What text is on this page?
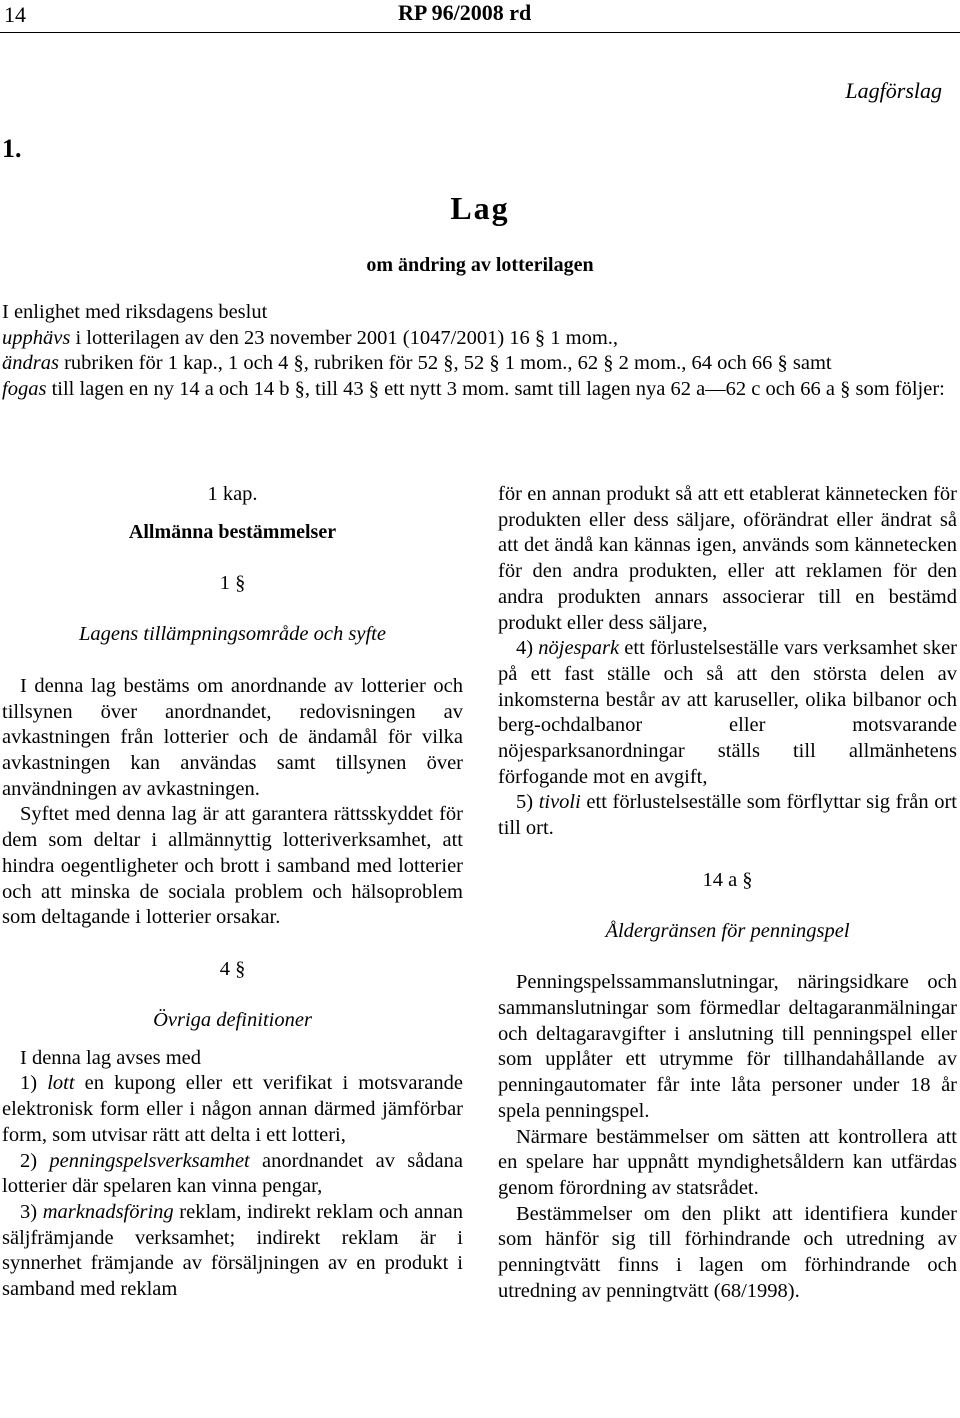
14	RP 96/2008 rd
Lagförslag
1.
Lag
om ändring av lotterilagen

I enlighet med riksdagens beslut

upphävs i lotterilagen av den 23 november 2001 (1047/2001) 16 § 1 mom.,

ändras rubriken för 1 kap., 1 och 4 §, rubriken för 52 §, 52 § 1 mom., 62 § 2 mom., 64 och 66 § samt

fogas till lagen en ny 14 a och 14 b §, till 43 § ett nytt 3 mom. samt till lagen nya 62 a—62 c och 66 a § som följer:

1 kap.

Allmänna bestämmelser

1 §

Lagens tillämpningsområde och syfte

I denna lag bestäms om anordnande av lotterier och tillsynen över anordnandet, redovisningen av avkastningen från lotterier och de ändamål för vilka avkastningen kan användas samt tillsynen över användningen av avkastningen.

Syftet med denna lag är att garantera rättsskyddet för dem som deltar i allmännyttig lotteriverksamhet, att hindra oegentligheter och brott i samband med lotterier och att minska de sociala problem och hälsoproblem som deltagande i lotterier orsakar.

4 §

Övriga definitioner

I denna lag avses med

1) lott en kupong eller ett verifikat i motsvarande elektronisk form eller i någon annan därmed jämförbar form, som utvisar rätt att delta i ett lotteri,

2) penningspelsverksamhet anordnandet av sådana lotterier där spelaren kan vinna pengar,

3) marknadsföring reklam, indirekt reklam och annan säljfrämjande verksamhet; indirekt reklam är i synnerhet främjande av försäljningen av en produkt i samband med reklam

för en annan produkt så att ett etablerat kännetecken för produkten eller dess säljare, oförändrat eller ändrat så att det ändå kan kännas igen, används som kännetecken för den andra produkten, eller att reklamen för den andra produkten annars associerar till en bestämd produkt eller dess säljare,

4) nöjespark ett förlustelseställe vars verksamhet sker på ett fast ställe och så att den största delen av inkomsterna består av att karuseller, olika bilbanor och berg-ochdalbanor eller motsvarande nöjesparksanordningar ställs till allmänhetens förfogande mot en avgift,

5) tivoli ett förlustelseställe som förflyttar sig från ort till ort.

14 a §

Åldergränsen för penningspel

Penningspelssammanslutningar, näringsidkare och sammanslutningar som förmedlar deltagaranmälningar och deltagaravgifter i anslutning till penningspel eller som upplåter ett utrymme för tillhandahållande av penningautomater får inte låta personer under 18 år spela penningspel.

Närmare bestämmelser om sätten att kontrollera att en spelare har uppnått myndighetsåldern kan utfärdas genom förordning av statsrådet.

Bestämmelser om den plikt att identifiera kunder som hänför sig till förhindrande och utredning av penningtvätt finns i lagen om förhindrande och utredning av penningtvätt (68/1998).
